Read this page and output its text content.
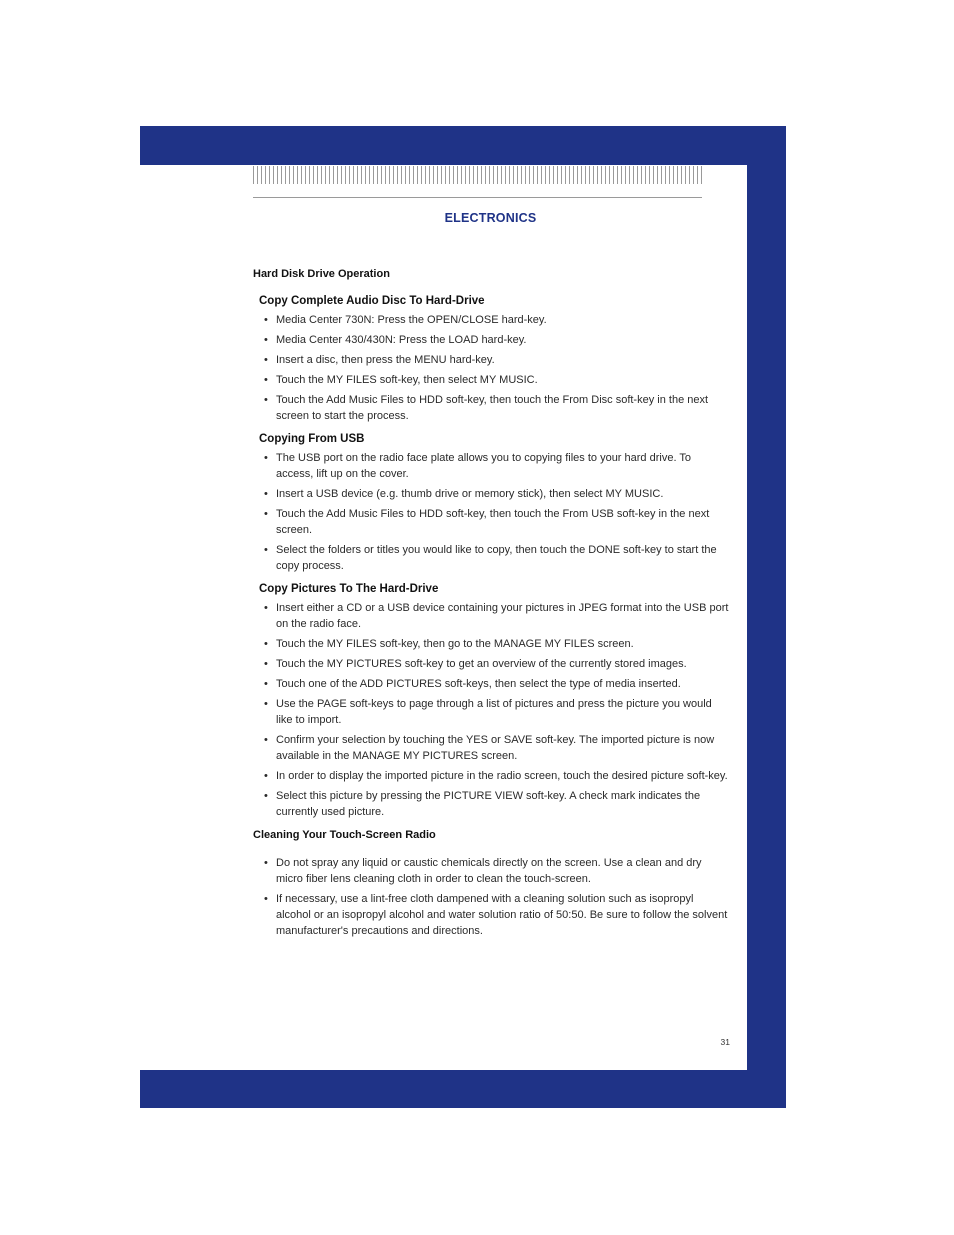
ELECTRONICS
Hard Disk Drive Operation
Copy Complete Audio Disc To Hard-Drive
• Media Center 730N: Press the OPEN/CLOSE hard-key.
• Media Center 430/430N: Press the LOAD hard-key.
• Insert a disc, then press the MENU hard-key.
• Touch the MY FILES soft-key, then select MY MUSIC.
• Touch the Add Music Files to HDD soft-key, then touch the From Disc soft-key in the next screen to start the process.
Copying From USB
• The USB port on the radio face plate allows you to copying files to your hard drive. To access, lift up on the cover.
• Insert a USB device (e.g. thumb drive or memory stick), then select MY MUSIC.
• Touch the Add Music Files to HDD soft-key, then touch the From USB soft-key in the next screen.
• Select the folders or titles you would like to copy, then touch the DONE soft-key to start the copy process.
Copy Pictures To The Hard-Drive
• Insert either a CD or a USB device containing your pictures in JPEG format into the USB port on the radio face.
• Touch the MY FILES soft-key, then go to the MANAGE MY FILES screen.
• Touch the MY PICTURES soft-key to get an overview of the currently stored images.
• Touch one of the ADD PICTURES soft-keys, then select the type of media inserted.
• Use the PAGE soft-keys to page through a list of pictures and press the picture you would like to import.
• Confirm your selection by touching the YES or SAVE soft-key. The imported picture is now available in the MANAGE MY PICTURES screen.
• In order to display the imported picture in the radio screen, touch the desired picture soft-key.
• Select this picture by pressing the PICTURE VIEW soft-key. A check mark indicates the currently used picture.
Cleaning Your Touch-Screen Radio
• Do not spray any liquid or caustic chemicals directly on the screen. Use a clean and dry micro fiber lens cleaning cloth in order to clean the touch-screen.
• If necessary, use a lint-free cloth dampened with a cleaning solution such as isopropyl alcohol or an isopropyl alcohol and water solution ratio of 50:50. Be sure to follow the solvent manufacturer's precautions and directions.
31
